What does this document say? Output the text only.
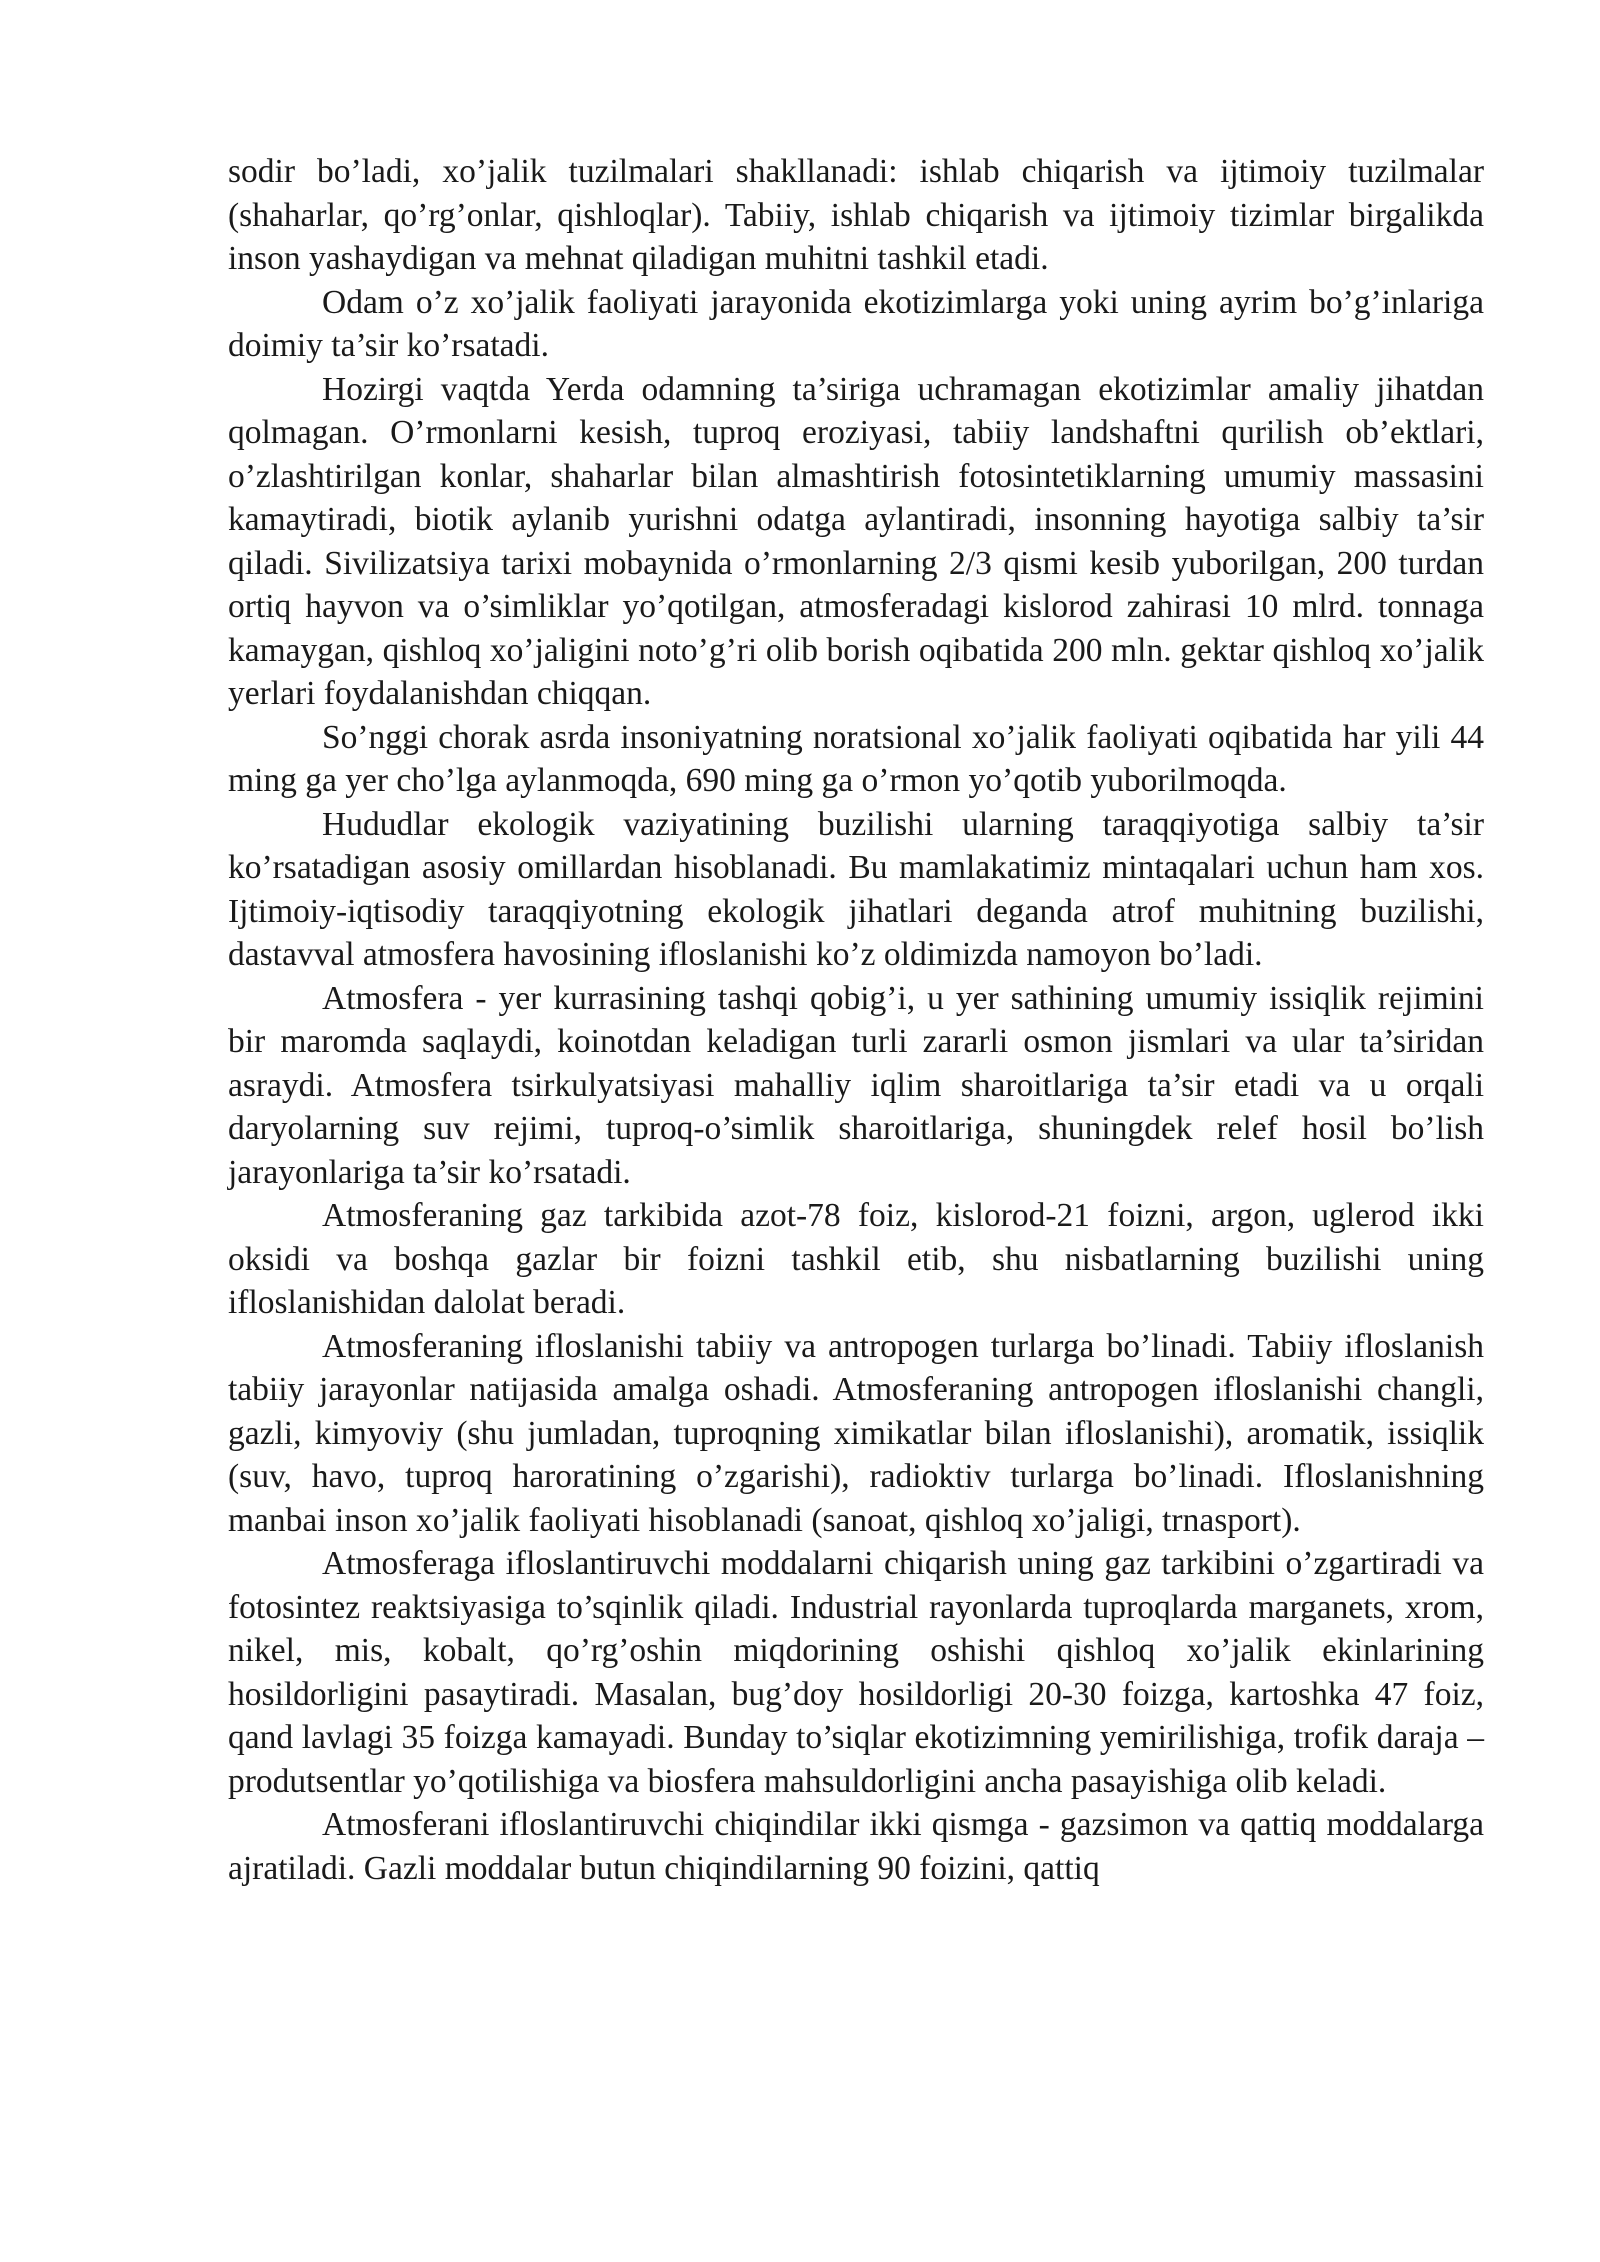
sodir bo’ladi, xo’jalik tuzilmalari shakllanadi: ishlab chiqarish va ijtimoiy tuzilmalar (shaharlar, qo’rg’onlar, qishloqlar). Tabiiy, ishlab chiqarish va ijtimoiy tizimlar birgalikda inson yashaydigan va mehnat qiladigan muhitni tashkil etadi.

Odam o’z xo’jalik faoliyati jarayonida ekotizimlarga yoki uning ayrim bo’g’inlariga doimiy ta’sir ko’rsatadi.

Hozirgi vaqtda Yerda odamning ta’siriga uchramagan ekotizimlar amaliy jihatdan qolmagan. O’rmonlarni kesish, tuproq eroziyasi, tabiiy landshaftni qurilish ob’ektlari, o’zlashtirilgan konlar, shaharlar bilan almashtirish fotosintetiklarning umumiy massasini kamaytiradi, biotik aylanib yurishni odatga aylantiradi, insonning hayotiga salbiy ta’sir qiladi. Sivilizatsiya tarixi mobaynida o’rmonlarning 2/3 qismi kesib yuborilgan, 200 turdan ortiq hayvon va o’simliklar yo’qotilgan, atmosferadagi kislorod zahirasi 10 mlrd. tonnaga kamaygan, qishloq xo’jaligini noto’g’ri olib borish oqibatida 200 mln. gektar qishloq xo’jalik yerlari foydalanishdan chiqqan.

So’nggi chorak asrda insoniyatning noratsional xo’jalik faoliyati oqibatida har yili 44 ming ga yer cho’lga aylanmoqda, 690 ming ga o’rmon yo’qotib yuborilmoqda.

Hududlar ekologik vaziyatining buzilishi ularning taraqqiyotiga salbiy ta’sir ko’rsatadigan asosiy omillardan hisoblanadi. Bu mamlakatimiz mintaqalari uchun ham xos. Ijtimoiy-iqtisodiy taraqqiyotning ekologik jihatlari deganda atrof muhitning buzilishi, dastavval atmosfera havosining ifloslanishi ko’z oldimizda namoyon bo’ladi.

Atmosfera - yer kurrasining tashqi qobig’i, u yer sathining umumiy issiqlik rejimini bir maromda saqlaydi, koinotdan keladigan turli zararli osmon jismlari va ular ta’siridan asraydi. Atmosfera tsirkulyatsiyasi mahalliy iqlim sharoitlariga ta’sir etadi va u orqali daryolarning suv rejimi, tuproq-o’simlik sharoitlariga, shuningdek relef hosil bo’lish jarayonlariga ta’sir ko’rsatadi.

Atmosferaning gaz tarkibida azot-78 foiz, kislorod-21 foizni, argon, uglerod ikki oksidi va boshqa gazlar bir foizni tashkil etib, shu nisbatlarning buzilishi uning ifloslanishidan dalolat beradi.

Atmosferaning ifloslanishi tabiiy va antropogen turlarga bo’linadi. Tabiiy ifloslanish tabiiy jarayonlar natijasida amalga oshadi. Atmosferaning antropogen ifloslanishi changli, gazli, kimyoviy (shu jumladan, tuproqning ximikatlar bilan ifloslanishi), aromatik, issiqlik (suv, havo, tuproq haroratining o’zgarishi), radioktiv turlarga bo’linadi. Ifloslanishning manbai inson xo’jalik faoliyati hisoblanadi (sanoat, qishloq xo’jaligi, trnasport).

Atmosferaga ifloslantiruvchi moddalarni chiqarish uning gaz tarkibini o’zgartiradi va fotosintez reaktsiyasiga to’sqinlik qiladi. Industrial rayonlarda tuproqlarda marganets, xrom, nikel, mis, kobalt, qo’rg’oshin miqdorining oshishi qishloq xo’jalik ekinlarining hosildorligini pasaytiradi. Masalan, bug’doy hosildorligi 20-30 foizga, kartoshka 47 foiz, qand lavlagi 35 foizga kamayadi. Bunday to’siqlar ekotizimning yemirilishiga, trofik daraja – produtsentlar yo’qotilishiga va biosfera mahsuldorligini ancha pasayishiga olib keladi.

Atmosferani ifloslantiruvchi chiqindilar ikki qismga - gazsimon va qattiq moddalarga ajratiladi. Gazli moddalar butun chiqindilarning 90 foizini, qattiq
